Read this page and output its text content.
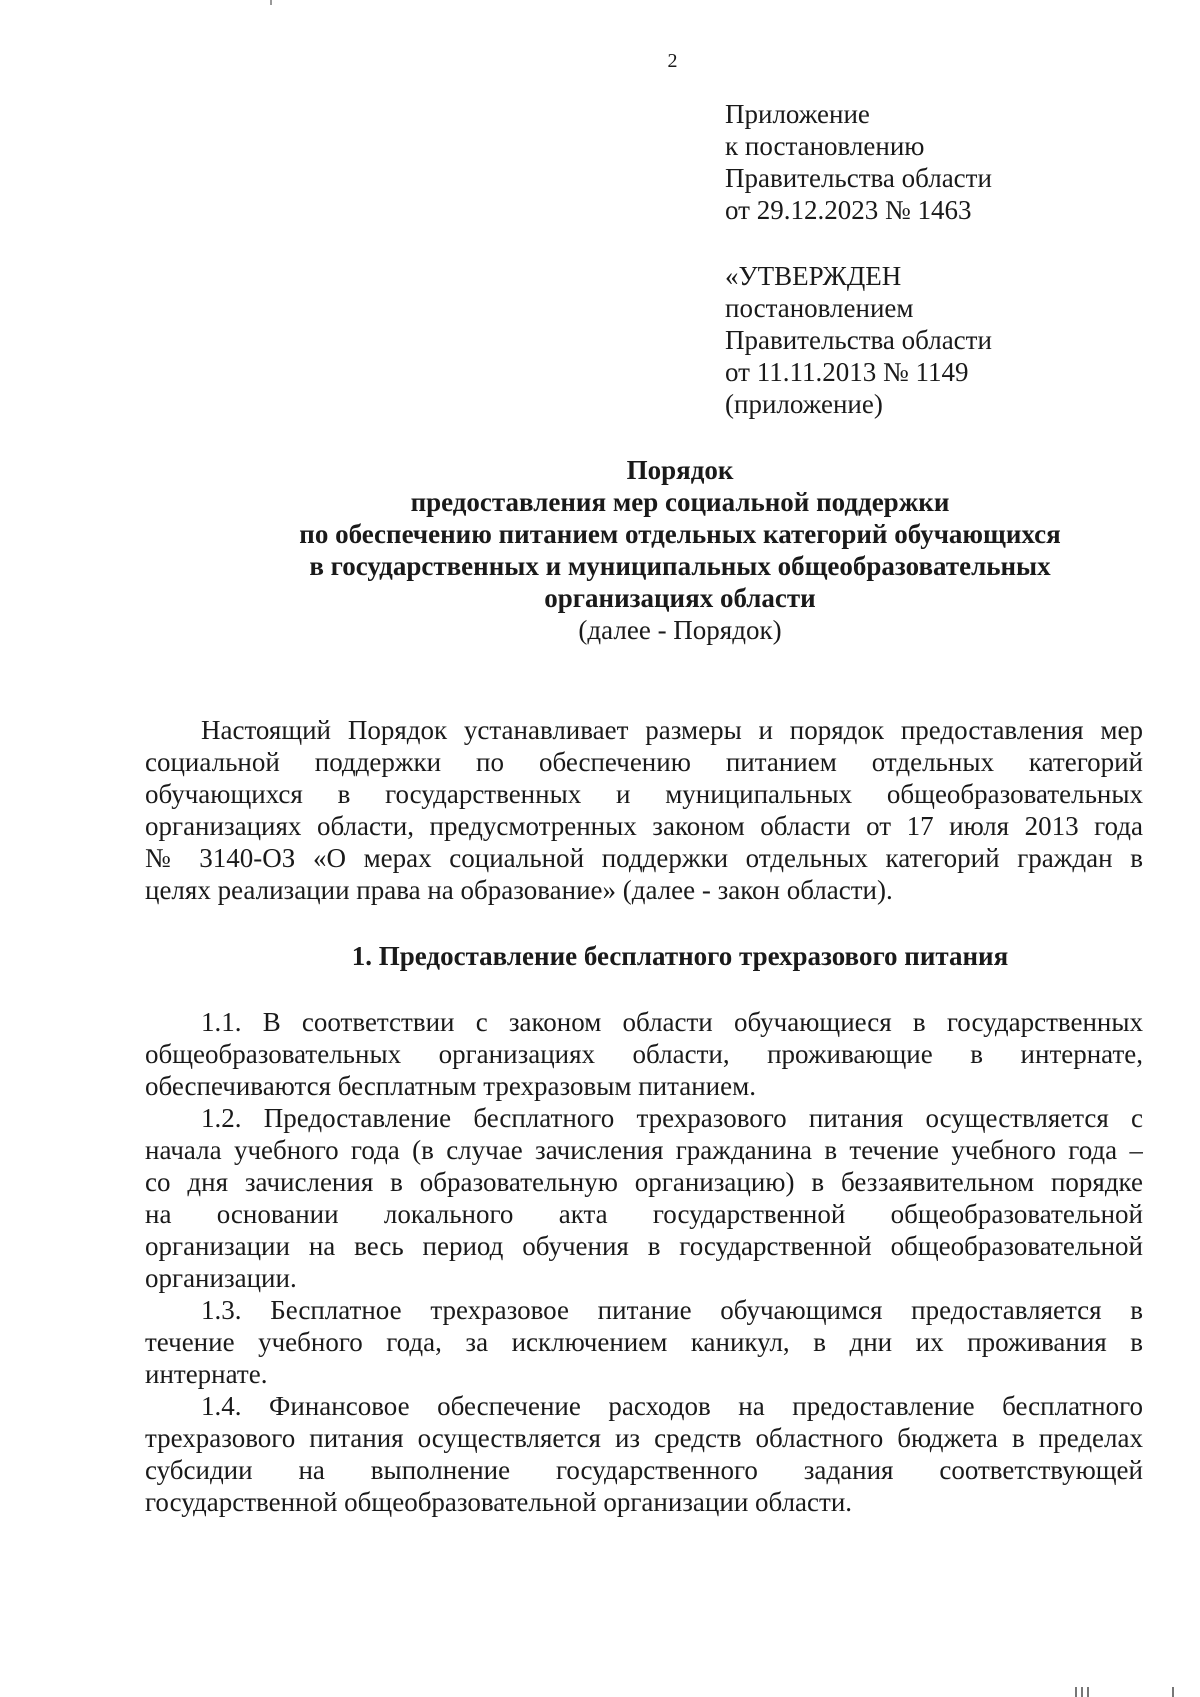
2
Приложение
к постановлению
Правительства области
от 29.12.2023 № 1463
«УТВЕРЖДЕН
постановлением
Правительства области
от 11.11.2013 № 1149
(приложение)
Порядок
предоставления мер социальной поддержки
по обеспечению питанием отдельных категорий обучающихся
в государственных и муниципальных общеобразовательных
организациях области
(далее - Порядок)
Настоящий Порядок устанавливает размеры и порядок предоставления мер
социальной поддержки по обеспечению питанием отдельных категорий
обучающихся в государственных и муниципальных общеобразовательных
организациях области, предусмотренных законом области от 17 июля 2013 года
№ 3140-ОЗ «О мерах социальной поддержки отдельных категорий граждан в
целях реализации права на образование» (далее - закон области).
1. Предоставление бесплатного трехразового питания
1.1. В соответствии с законом области обучающиеся в государственных
общеобразовательных организациях области, проживающие в интернате,
обеспечиваются бесплатным трехразовым питанием.
1.2. Предоставление бесплатного трехразового питания осуществляется с
начала учебного года (в случае зачисления гражданина в течение учебного года –
со дня зачисления в образовательную организацию) в беззаявительном порядке
на основании локального акта государственной общеобразовательной
организации на весь период обучения в государственной общеобразовательной
организации.
1.3. Бесплатное трехразовое питание обучающимся предоставляется в
течение учебного года, за исключением каникул, в дни их проживания в
интернате.
1.4. Финансовое обеспечение расходов на предоставление бесплатного
трехразового питания осуществляется из средств областного бюджета в пределах
субсидии на выполнение государственного задания соответствующей
государственной общеобразовательной организации области.
